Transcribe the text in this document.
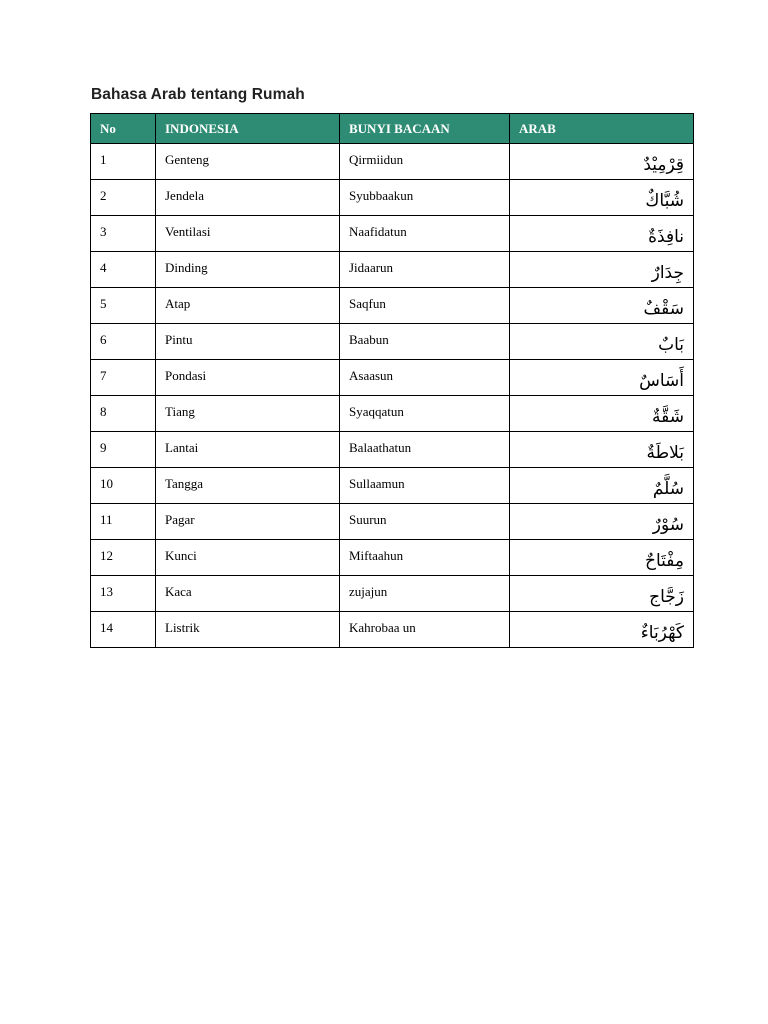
Bahasa Arab tentang Rumah
No	INDONESIA	BUNYI BACAAN	ARAB
1	Genteng	Qirmiidun	قِرْمِيْدٌ
2	Jendela	Syubbaakun	شُبَّاكٌ
3	Ventilasi	Naafidatun	نافِذَةٌ
4	Dinding	Jidaarun	جِدَارٌ
5	Atap	Saqfun	سَقْفٌ
6	Pintu	Baabun	بَابٌ
7	Pondasi	Asaasun	أَسَاسٌ
8	Tiang	Syaqqatun	شَقَّةٌ
9	Lantai	Balaathatun	بَلاطَةٌ
10	Tangga	Sullaamun	سُلَّمٌ
11	Pagar	Suurun	سُوْرٌ
12	Kunci	Miftaahun	مِفْتَاحٌ
13	Kaca	zujajun	زَجَّاج
14	Listrik	Kahrobaa un	كَهْرُبَاءٌ
